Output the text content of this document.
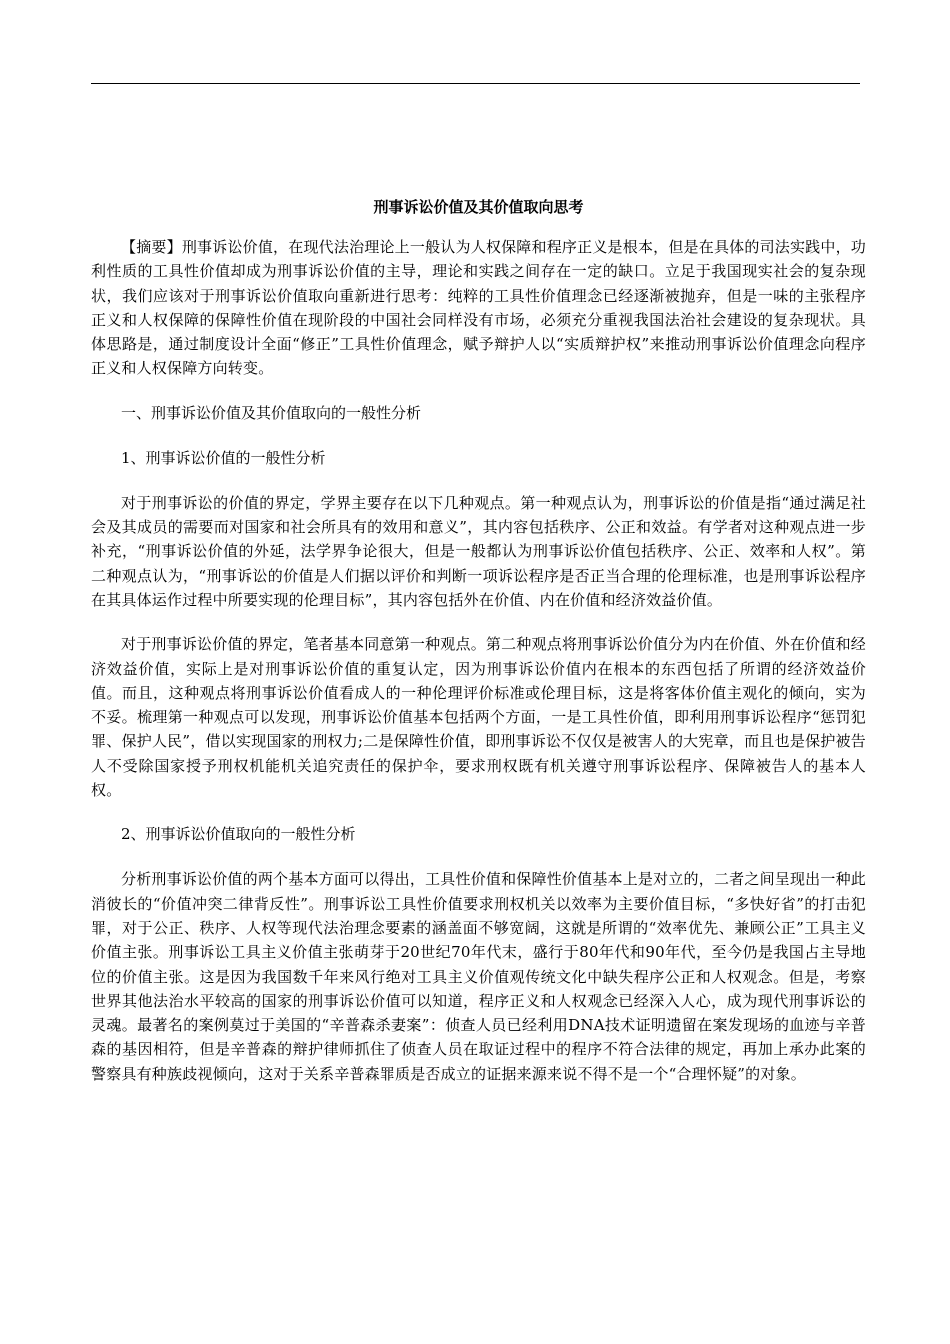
刑事诉讼价值及其价值取向思考

【摘要】刑事诉讼价值，在现代法治理论上一般认为人权保障和程序正义是根本，但是在具体的司法实践中，功利性质的工具性价值却成为刑事诉讼价值的主导，理论和实践之间存在一定的缺口。立足于我国现实社会的复杂现状，我们应该对于刑事诉讼价值取向重新进行思考：纯粹的工具性价值理念已经逐渐被抛弃，但是一味的主张程序正义和人权保障的保障性价值在现阶段的中国社会同样没有市场，必须充分重视我国法治社会建设的复杂现状。具体思路是，通过制度设计全面“修正”工具性价值理念，赋予辩护人以“实质辩护权”来推动刑事诉讼价值理念向程序正义和人权保障方向转变。

一、刑事诉讼价值及其价值取向的一般性分析

1、刑事诉讼价值的一般性分析

对于刑事诉讼的价值的界定，学界主要存在以下几种观点。第一种观点认为，刑事诉讼的价值是指“通过满足社会及其成员的需要而对国家和社会所具有的效用和意义”，其内容包括秩序、公正和效益。有学者对这种观点进一步补充，“刑事诉讼价值的外延，法学界争论很大，但是一般都认为刑事诉讼价值包括秩序、公正、效率和人权”。第二种观点认为，“刑事诉讼的价值是人们据以评价和判断一项诉讼程序是否正当合理的伦理标准，也是刑事诉讼程序在其具体运作过程中所要实现的伦理目标”，其内容包括外在价值、内在价值和经济效益价值。

对于刑事诉讼价值的界定，笔者基本同意第一种观点。第二种观点将刑事诉讼价值分为内在价值、外在价值和经济效益价值，实际上是对刑事诉讼价值的重复认定，因为刑事诉讼价值内在根本的东西包括了所谓的经济效益价值。而且，这种观点将刑事诉讼价值看成人的一种伦理评价标准或伦理目标，这是将客体价值主观化的倾向，实为不妥。梳理第一种观点可以发现，刑事诉讼价值基本包括两个方面，一是工具性价值，即利用刑事诉讼程序“惩罚犯罪、保护人民”，借以实现国家的刑权力;二是保障性价值，即刑事诉讼不仅仅是被害人的大宪章，而且也是保护被告人不受除国家授予刑权机能机关追究责任的保护伞，要求刑权既有机关遵守刑事诉讼程序、保障被告人的基本人权。

2、刑事诉讼价值取向的一般性分析

分析刑事诉讼价值的两个基本方面可以得出，工具性价值和保障性价值基本上是对立的，二者之间呈现出一种此消彼长的“价值冲突二律背反性”。刑事诉讼工具性价值要求刑权机关以效率为主要价值目标，“多快好省”的打击犯罪，对于公正、秩序、人权等现代法治理念要素的涵盖面不够宽阔，这就是所谓的“效率优先、兼顾公正”工具主义价值主张。刑事诉讼工具主义价值主张萌芽于20世纪70年代末，盛行于80年代和90年代，至今仍是我国占主导地位的价值主张。这是因为我国数千年来风行绝对工具主义价值观传统文化中缺失程序公正和人权观念。但是，考察世界其他法治水平较高的国家的刑事诉讼价值可以知道，程序正义和人权观念已经深入人心，成为现代刑事诉讼的灵魂。最著名的案例莫过于美国的“辛普森杀妻案”：侦查人员已经利用DNA技术证明遗留在案发现场的血迹与辛普森的基因相符，但是辛普森的辩护律师抓住了侦查人员在取证过程中的程序不符合法律的规定，再加上承办此案的警察具有种族歧视倾向，这对于关系辛普森罪质是否成立的证据来源来说不得不是一个“合理怀疑”的对象。
